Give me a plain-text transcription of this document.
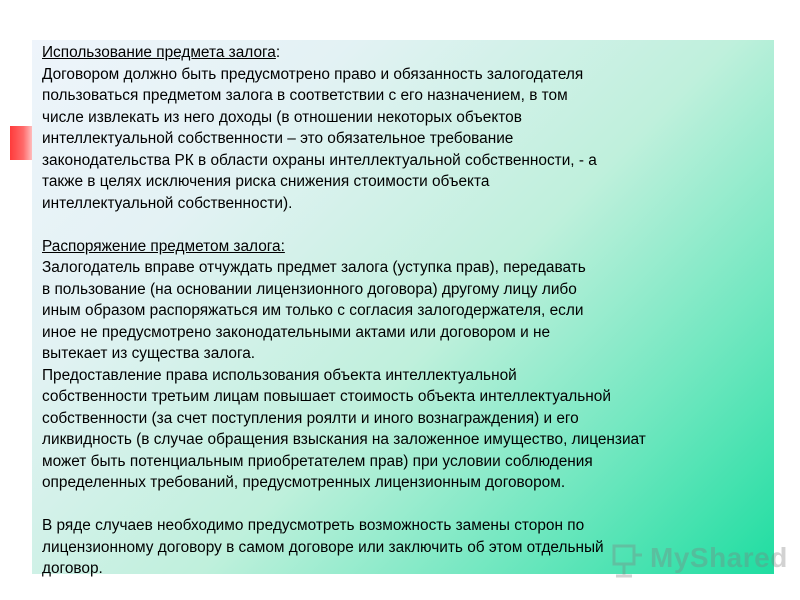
Использование предмета залога:
Договором должно быть предусмотрено право и обязанность залогодателя
пользоваться предметом залога в соответствии с его назначением, в том
числе извлекать из него доходы (в отношении некоторых объектов
интеллектуальной собственности – это обязательное требование
законодательства РК в области охраны интеллектуальной собственности, - а
также в целях исключения риска снижения стоимости объекта
интеллектуальной собственности).
Распоряжение предметом залога:
Залогодатель вправе отчуждать предмет залога (уступка прав), передавать
в пользование (на основании лицензионного договора) другому лицу либо
иным образом распоряжаться им только с согласия залогодержателя, если
иное не предусмотрено законодательными актами или договором и не
вытекает из существа залога.
Предоставление права использования объекта интеллектуальной
собственности третьим лицам повышает стоимость объекта интеллектуальной
собственности (за счет поступления роялти и иного вознаграждения) и его
ликвидность (в случае обращения взыскания на заложенное имущество, лицензиат
может быть потенциальным приобретателем прав) при условии соблюдения
определенных требований, предусмотренных лицензионным договором.
В ряде случаев необходимо предусмотреть возможность замены сторон по
лицензионному договору в самом договоре или заключить об этом отдельный
договор.	MyShared
